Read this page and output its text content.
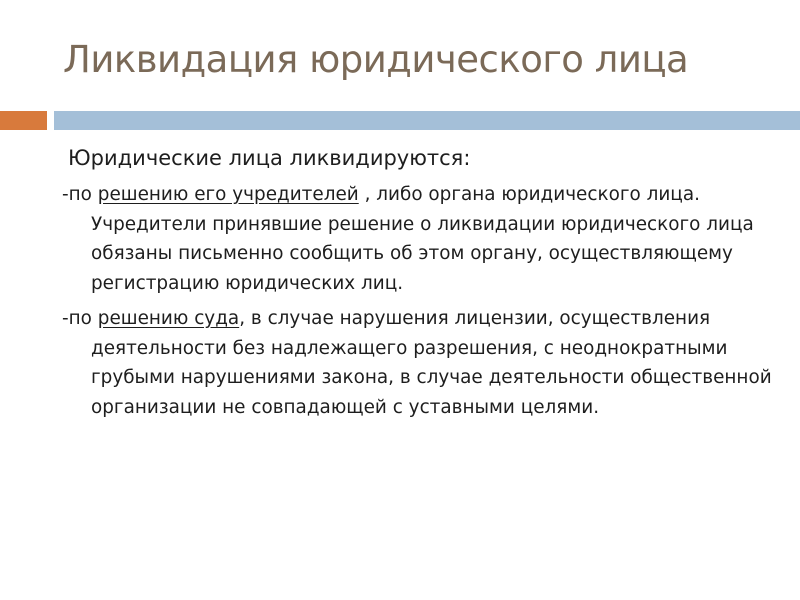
Ликвидация юридического лица
Юридические лица ликвидируются:
-по решению его учредителей , либо органа юридического лица. Учредители принявшие решение о ликвидации юридического лица обязаны письменно сообщить об этом органу, осуществляющему регистрацию юридических лиц.
-по решению суда, в случае нарушения лицензии, осуществления деятельности без надлежащего разрешения, с неоднократными грубыми нарушениями закона, в случае деятельности общественной организации не совпадающей с уставными целями.
